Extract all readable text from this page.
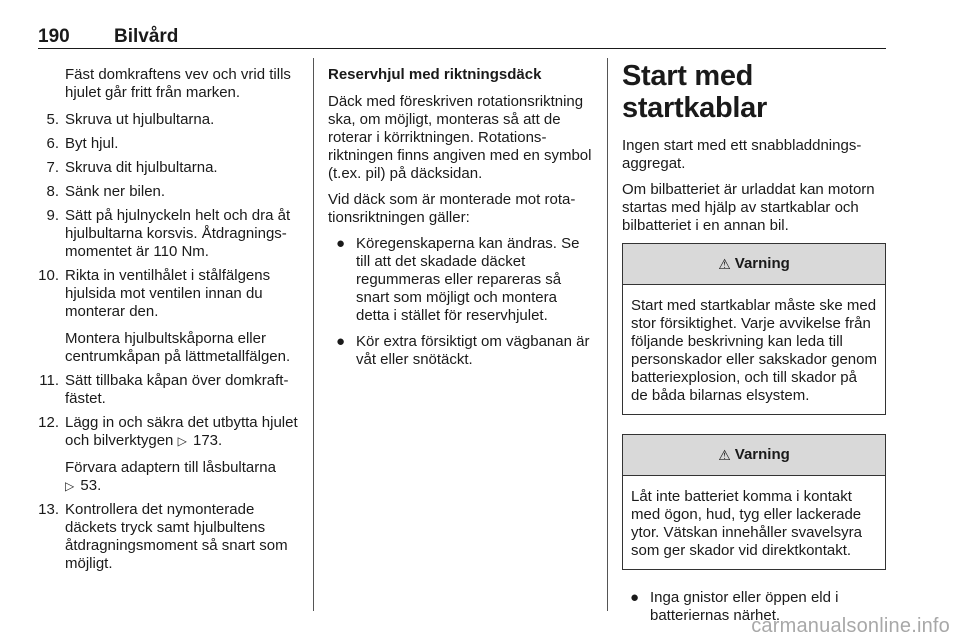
190 Bilvård

Fäst domkraftens vev och vrid tills hjulet går fritt från marken.

5. Skruva ut hjulbultarna.
6. Byt hjul.
7. Skruva dit hjulbultarna.
8. Sänk ner bilen.
9. Sätt på hjulnyckeln helt och dra åt hjulbultarna korsvis. Åtdragningsmomentet är 110 Nm.
10. Rikta in ventilhålet i stålfälgens hjulsida mot ventilen innan du monterar den.
Montera hjulbultskåporna eller centrumkåpan på lättmetallfälgen.
11. Sätt tillbaka kåpan över domkraftfästet.
12. Lägg in och säkra det utbytta hjulet och bilverktygen ▷ 173.
Förvara adaptern till låsbultarna
▷ 53.
13. Kontrollera det nymonterade däckets tryck samt hjulbultens åtdragningsmoment så snart som möjligt.

Reservhjul med riktningsdäck

Däck med föreskriven rotationsriktning ska, om möjligt, monteras så att de roterar i körriktningen. Rotationsriktningen finns angiven med en symbol (t.ex. pil) på däcksidan.

Vid däck som är monterade mot rotationsriktningen gäller:

● Köregenskaperna kan ändras. Se till att det skadade däcket regummeras eller repareras så snart som möjligt och montera detta i stället för reservhjulet.
● Kör extra försiktigt om vägbanan är våt eller snötäckt.

Start med startkablar

Ingen start med ett snabbladdningsaggregat.

Om bilbatteriet är urladdat kan motorn startas med hjälp av startkablar och bilbatteriet i en annan bil.

⚠ Varning
Start med startkablar måste ske med stor försiktighet. Varje avvikelse från följande beskrivning kan leda till personskador eller sakskador genom batteriexplosion, och till skador på de båda bilarnas elsystem.
⚠ Varning
Låt inte batteriet komma i kontakt med ögon, hud, tyg eller lackerade ytor. Vätskan innehåller svavelsyra som ger skador vid direktkontakt.
● Inga gnistor eller öppen eld i batteriernas närhet.
carmanualsonline.info
